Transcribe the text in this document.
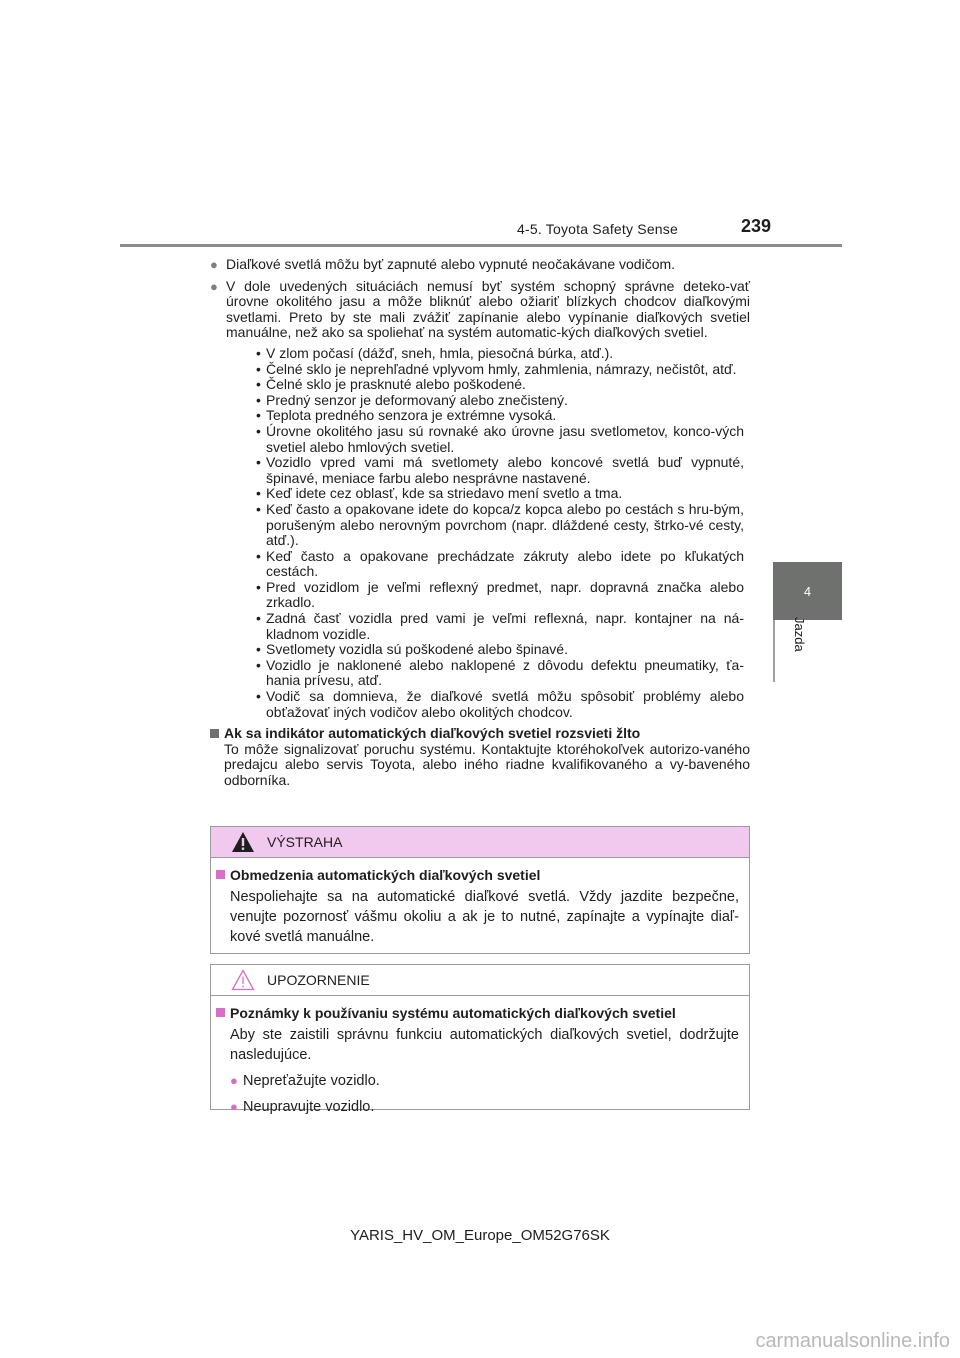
4-5. Toyota Safety Sense	239
4
Jazda
● Diaľkové svetlá môžu byť zapnuté alebo vypnuté neočakávane vodičom.
● V dole uvedených situáciách nemusí byť systém schopný správne deteko-vať úrovne okolitého jasu a môže bliknúť alebo ožiariť blízkych chodcov diaľkovými svetlami. Preto by ste mali zvážiť zapínanie alebo vypínanie diaľkových svetiel manuálne, než ako sa spoliehať na systém automatic-kých diaľkových svetiel.
• V zlom počasí (dážď, sneh, hmla, piesočná búrka, atď.).
• Čelné sklo je neprehľadné vplyvom hmly, zahmlenia, námrazy, nečistôt, atď.
• Čelné sklo je prasknuté alebo poškodené.
• Predný senzor je deformovaný alebo znečistený.
• Teplota predného senzora je extrémne vysoká.
• Úrovne okolitého jasu sú rovnaké ako úrovne jasu svetlometov, konco-vých svetiel alebo hmlových svetiel.
• Vozidlo vpred vami má svetlomety alebo koncové svetlá buď vypnuté, špinavé, meniace farbu alebo nesprávne nastavené.
• Keď idete cez oblasť, kde sa striedavo mení svetlo a tma.
• Keď často a opakovane idete do kopca/z kopca alebo po cestách s hru-bým, porušeným alebo nerovným povrchom (napr. dláždené cesty, štrko-vé cesty, atď.).
• Keď často a opakovane prechádzate zákruty alebo idete po kľukatých cestách.
• Pred vozidlom je veľmi reflexný predmet, napr. dopravná značka alebo zrkadlo.
• Zadná časť vozidla pred vami je veľmi reflexná, napr. kontajner na ná-kladnom vozidle.
• Svetlomety vozidla sú poškodené alebo špinavé.
• Vozidlo je naklonené alebo naklopené z dôvodu defektu pneumatiky, ťa-hania prívesu, atď.
• Vodič sa domnieva, že diaľkové svetlá môžu spôsobiť problémy alebo obťažovať iných vodičov alebo okolitých chodcov.
Ak sa indikátor automatických diaľkových svetiel rozsvieti žlto
To môže signalizovať poruchu systému. Kontaktujte ktoréhokoľvek autorizo-vaného predajcu alebo servis Toyota, alebo iného riadne kvalifikovaného a vy-baveného odborníka.
VÝSTRAHA
Obmedzenia automatických diaľkových svetiel
Nespoliehajte sa na automatické diaľkové svetlá. Vždy jazdite bezpečne, venujte pozornosť vášmu okoliu a ak je to nutné, zapínajte a vypínajte diaľ-kové svetlá manuálne.
UPOZORNENIE
Poznámky k používaniu systému automatických diaľkových svetiel
Aby ste zaistili správnu funkciu automatických diaľkových svetiel, dodržujte nasledujúce.
● Nepreťažujte vozidlo.
● Neupravujte vozidlo.
YARIS_HV_OM_Europe_OM52G76SK
carmanualsonline.info
